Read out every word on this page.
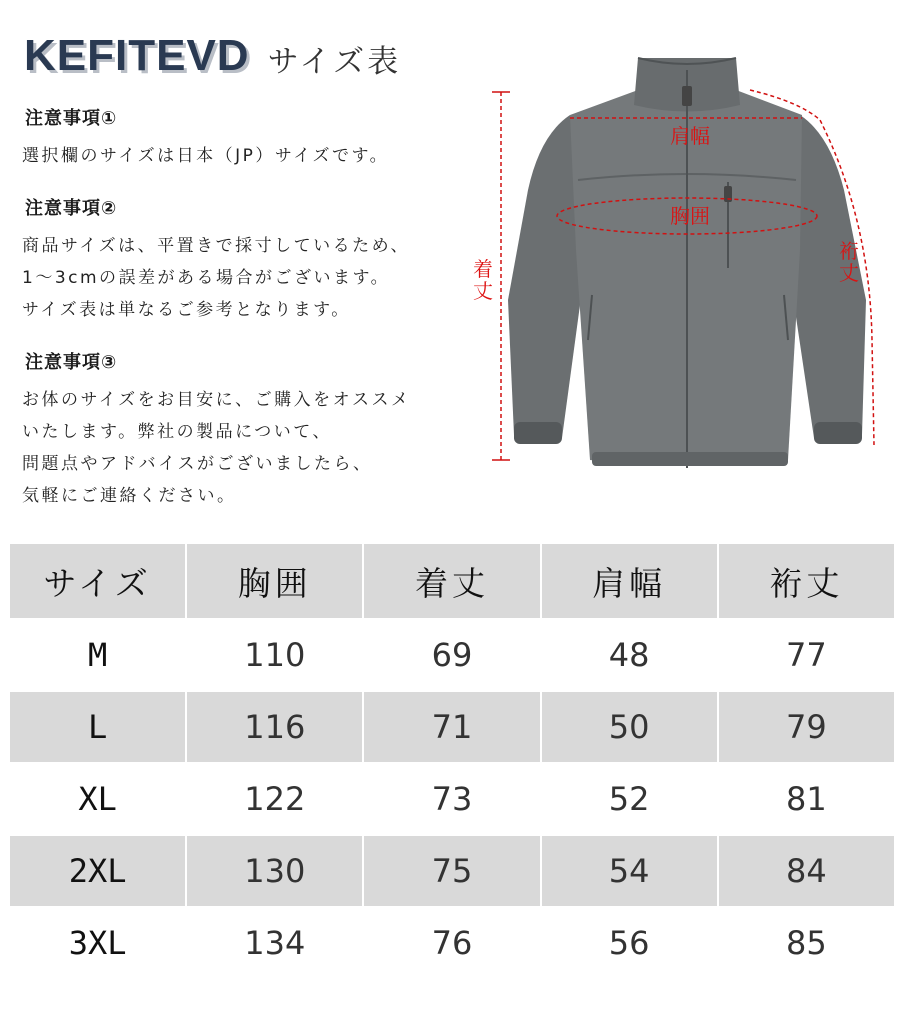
KEFITEVD サイズ表
注意事項①
選択欄のサイズは日本（JP）サイズです。
注意事項②
商品サイズは、平置きで採寸しているため、
1〜3cmの誤差がある場合がございます。
サイズ表は単なるご参考となります。
注意事項③
お体のサイズをお目安に、ご購入をオススメ
いたします。弊社の製品について、
問題点やアドバイスがございましたら、
気軽にご連絡ください。
肩幅
胸囲
着
丈
裄
丈
サイズ	胸囲	着丈	肩幅	裄丈
M	110	69	48	77
L	116	71	50	79
XL	122	73	52	81
2XL	130	75	54	84
3XL	134	76	56	85
